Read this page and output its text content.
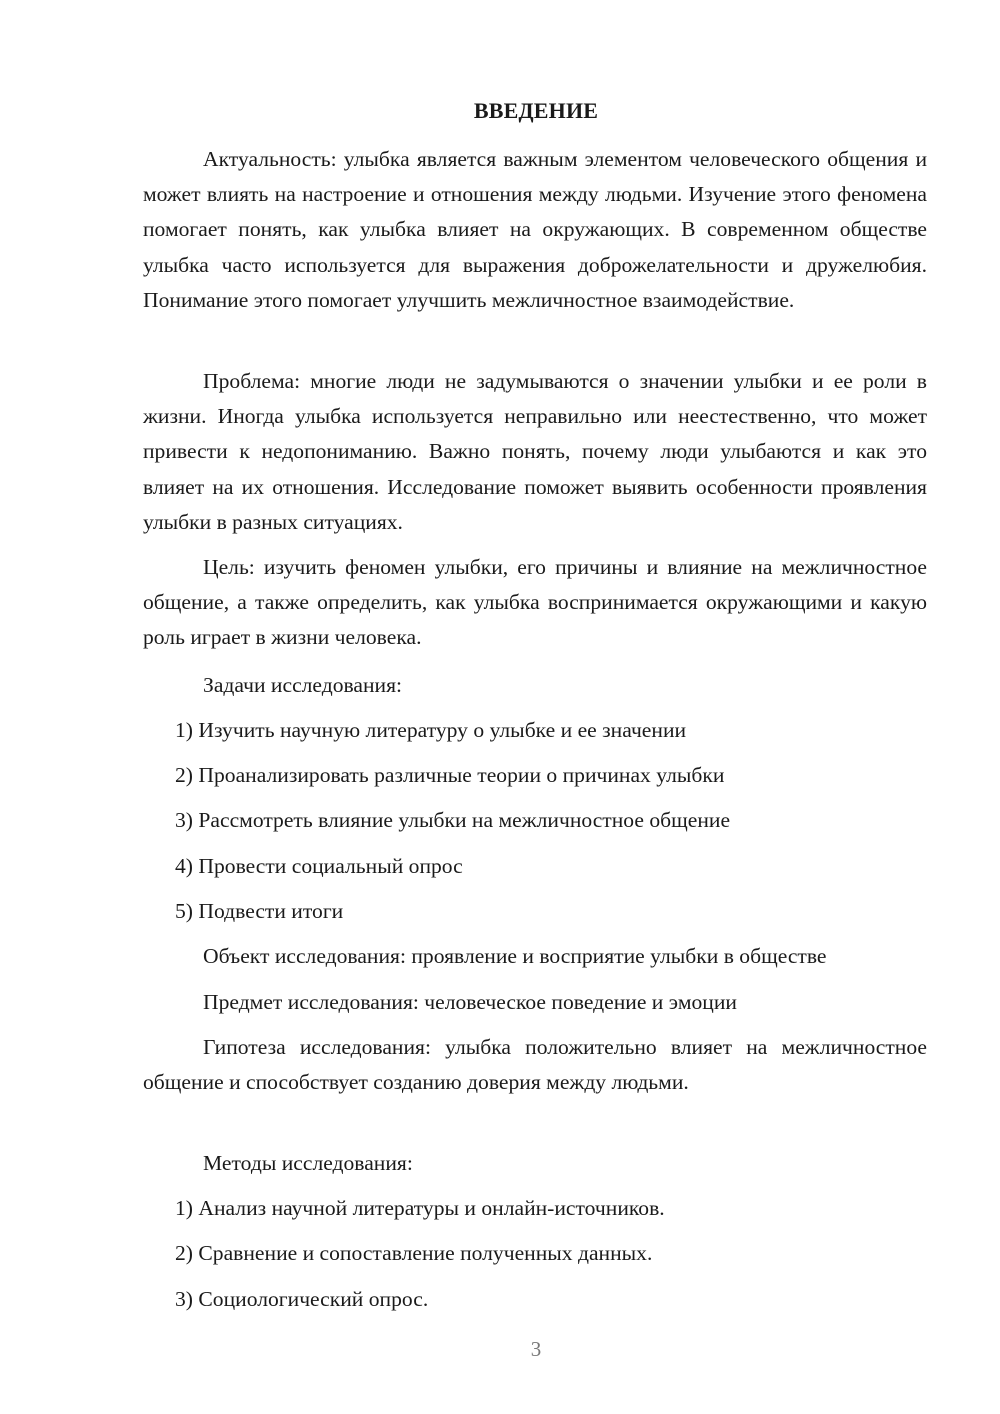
ВВЕДЕНИЕ

Актуальность: улыбка является важным элементом человеческого общения и может влиять на настроение и отношения между людьми. Изучение этого феномена помогает понять, как улыбка влияет на окружающих. В современном обществе улыбка часто используется для выражения доброжелательности и дружелюбия. Понимание этого помогает улучшить межличностное взаимодействие.

Проблема: многие люди не задумываются о значении улыбки и ее роли в жизни. Иногда улыбка используется неправильно или неестественно, что может привести к недопониманию. Важно понять, почему люди улыбаются и как это влияет на их отношения. Исследование поможет выявить особенности проявления улыбки в разных ситуациях.

Цель: изучить феномен улыбки, его причины и влияние на межличностное общение, а также определить, как улыбка воспринимается окружающими и какую роль играет в жизни человека.

Задачи исследования:
1) Изучить научную литературу о улыбке и ее значении
2) Проанализировать различные теории о причинах улыбки
3) Рассмотреть влияние улыбки на межличностное общение
4) Провести социальный опрос
5) Подвести итоги
Объект исследования: проявление и восприятие улыбки в обществе
Предмет исследования: человеческое поведение и эмоции

Гипотеза исследования: улыбка положительно влияет на межличностное общение и способствует созданию доверия между людьми.

Методы исследования:
1) Анализ научной литературы и онлайн-источников.
2) Сравнение и сопоставление полученных данных.
3) Социологический опрос.
3
